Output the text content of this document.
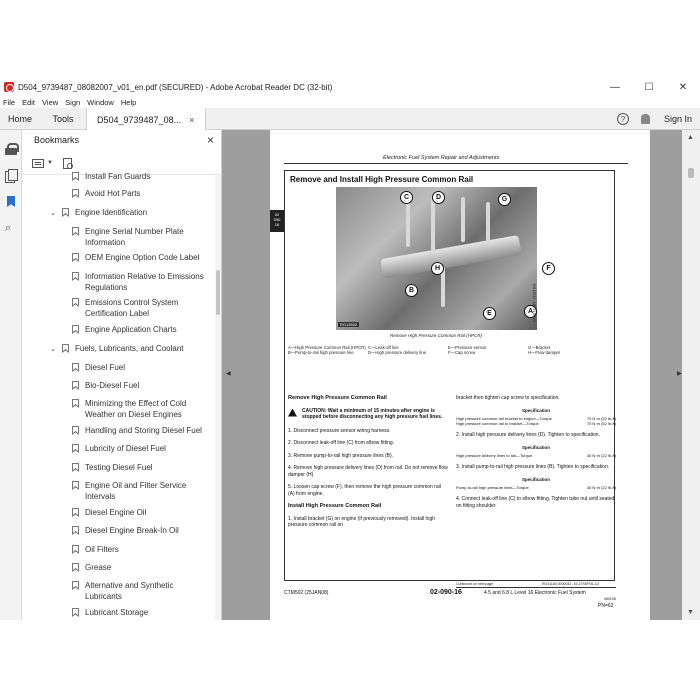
D504_9739487_08082007_v01_en.pdf (SECURED) - Adobe Acrobat Reader DC (32-bit)	—	☐	✕
File Edit View Sign Window Help
Home	Tools	D504_9739487_08... ×	?	Sign In
⌕
Bookmarks	×
▼
Install Fan Guards
Avoid Hot Parts
⌄ Engine Identification
Engine Serial Number Plate Information
OEM Engine Option Code Label
Information Relative to Emissions Regulations
Emissions Control System Certification Label
Engine Application Charts
⌄ Fuels, Lubricants, and Coolant
Diesel Fuel
Bio-Diesel Fuel
Minimizing the Effect of Cold Weather on Diesel Engines
Handling and Storing Diesel Fuel
Lubricity of Diesel Fuel
Testing Diesel Fuel
Engine Oil and Filter Service Intervals
Diesel Engine Oil
Diesel Engine Break-In Oil
Oil Filters
Grease
Alternative and Synthetic Lubricants
Lubricant Storage
◀	▶
Electronic Fuel System Repair and Adjustments
02
090
16
Remove and Install High Pressure Common Rail
C	D	G
H	F
B
E	A
RG13532
RG13532 - UN-21JUL05
Remove High Pressure Common Rail (HPCR)
A—High Pressure Common Rail (HPCR) C—Leak-off line	E—Pressure sensor	G—Bracket
B—Pump-to-rail high pressure line	D—High pressure delivery line	F—Cap screw	H—Flow damper
Remove High Pressure Common Rail
CAUTION: Wait a minimum of 15 minutes after engine is stopped before disconnecting any high pressure fuel lines.
1. Disconnect pressure sensor wiring harness.
2. Disconnect leak-off line (C) from elbow fitting.
3. Remove pump-to-rail high pressure lines (B).
4. Remove high pressure delivery lines (D) from rail. Do not remove flow damper (H).
5. Loosen cap screw (F), then remove the high pressure common rail (A) from engine.
Install High Pressure Common Rail
1. Install bracket (G) on engine (if previously removed). Install high pressure common rail on
bracket then tighten cap screw to specification.
Specification
High pressure common rail bracket to engine—Torque	70 N·m (52 lb-ft)
High pressure common rail to bracket—Torque	70 N·m (52 lb-ft)
2. Install high pressure delivery lines (D). Tighten to specification.
Specification
High pressure delivery lines to rail—Torque	30 N·m (22 lb-ft)
3. Install pump-to-rail high pressure lines (B). Tighten to specification.
Specification
Pump-to-rail high pressure lines—Torque	30 N·m (22 lb-ft)
4. Connect leak-off line (C) to elbow fitting. Tighten tube nut until seated on fitting shoulder.
Continued on next page	RG41180,0000032 -19-27SEP06-1/2
CTM502 (25JAN08)	02-090-16	4.5 and 6.8 L Level 16 Electronic Fuel System
080108
PN=62
▲
▼
